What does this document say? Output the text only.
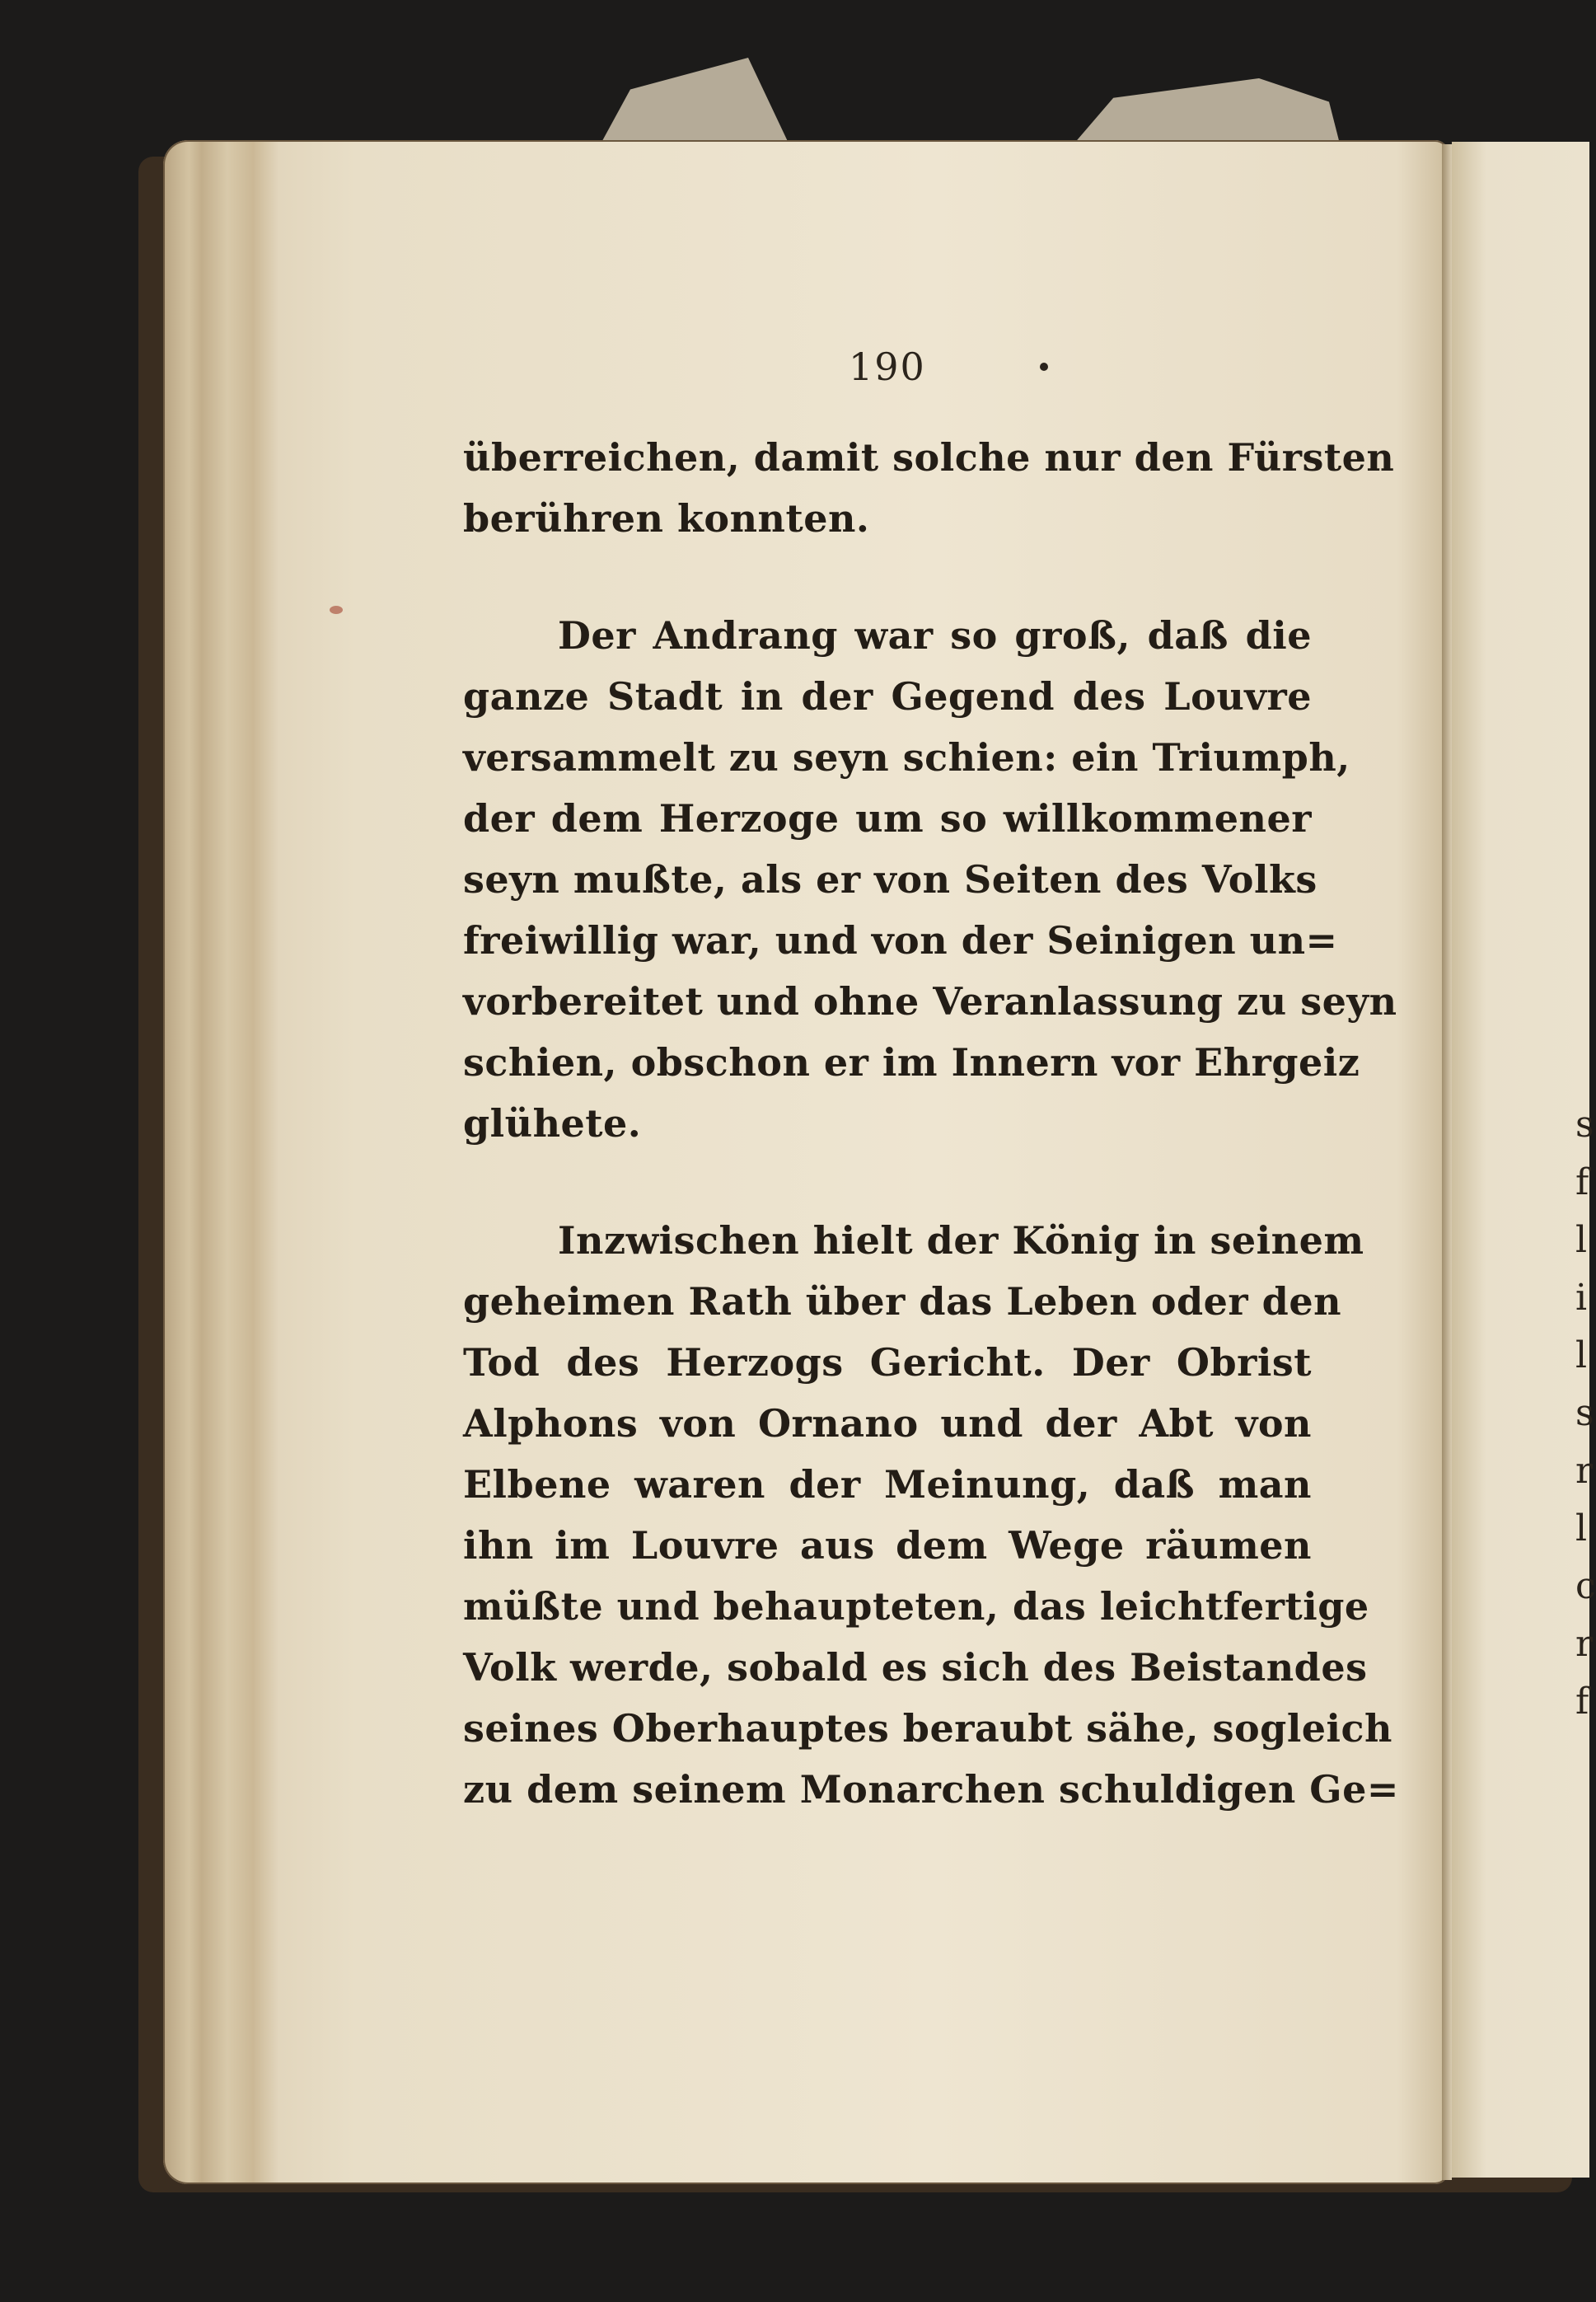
s
f
l
i
l
s
r
l
c
r
f
190
überreichen, damit solche nur den Fürsten
berühren konnten.
Der Andrang war so groß, daß die
ganze Stadt in der Gegend des Louvre
versammelt zu seyn schien: ein Triumph,
der dem Herzoge um so willkommener
seyn mußte, als er von Seiten des Volks
freiwillig war, und von der Seinigen un=
vorbereitet und ohne Veranlassung zu seyn
schien, obschon er im Innern vor Ehrgeiz
glühete.
Inzwischen hielt der König in seinem
geheimen Rath über das Leben oder den
Tod des Herzogs Gericht. Der Obrist
Alphons von Ornano und der Abt von
Elbene waren der Meinung, daß man
ihn im Louvre aus dem Wege räumen
müßte und behaupteten, das leichtfertige
Volk werde, sobald es sich des Beistandes
seines Oberhauptes beraubt sähe, sogleich
zu dem seinem Monarchen schuldigen Ge=
